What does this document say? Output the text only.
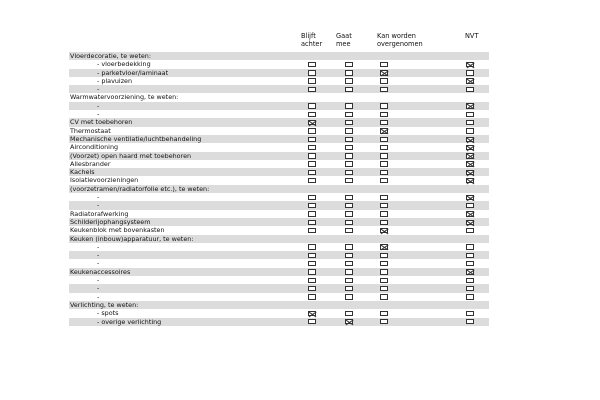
Blijft
achter
Gaat
mee
Kan worden
overgenomen
NVT
Vloerdecoratie, te weten:
- vloerbedekking
- parketvloer/laminaat
- plavuizen
-
Warmwatervoorziening, te weten:
-
-
CV met toebehoren
Thermostaat
Mechanische ventilatie/luchtbehandeling
Airconditioning
(Voorzet) open haard met toebehoren
Allesbrander
Kachels
Isolatievoorzieningen
(voorzetramen/radiatorfolie etc.), te weten:
-
-
Radiatorafwerking
Schilderijophangsysteem
Keukenblok met bovenkasten
Keuken (inbouw)apparatuur, te weten:
-
-
-
Keukenaccessoires
-
-
-
Verlichting, te weten:
- spots
- overige verlichting
